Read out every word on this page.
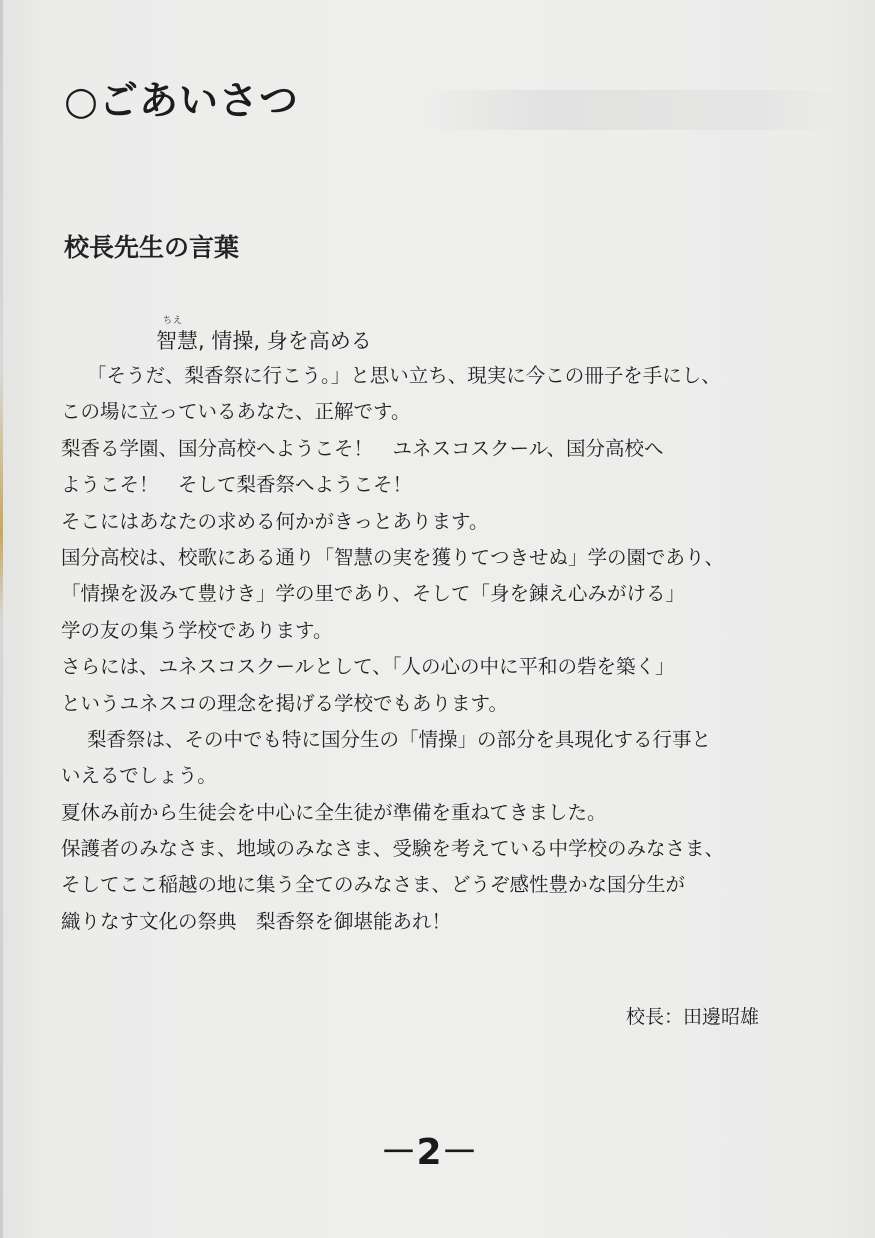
○ごあいさつ
校長先生の言葉
ちえ
智慧, 情操, 身を高める
「そうだ、梨香祭に行こう。」と思い立ち、現実に今この冊子を手にし、
この場に立っているあなた、正解です。
梨香る学園、国分高校へようこそ！　ユネスコスクール、国分高校へ
ようこそ！　そして梨香祭へようこそ！
そこにはあなたの求める何かがきっとあります。
国分高校は、校歌にある通り「智慧の実を獲りてつきせぬ」学の園であり、
「情操を汲みて豊けき」学の里であり、そして「身を錬え心みがける」
学の友の集う学校であります。
さらには、ユネスコスクールとして、「人の心の中に平和の砦を築く」
というユネスコの理念を掲げる学校でもあります。
梨香祭は、その中でも特に国分生の「情操」の部分を具現化する行事と
いえるでしょう。
夏休み前から生徒会を中心に全生徒が準備を重ねてきました。
保護者のみなさま、地域のみなさま、受験を考えている中学校のみなさま、
そしてここ稲越の地に集う全てのみなさま、どうぞ感性豊かな国分生が
織りなす文化の祭典　梨香祭を御堪能あれ！
校長：田邊昭雄
－2－
